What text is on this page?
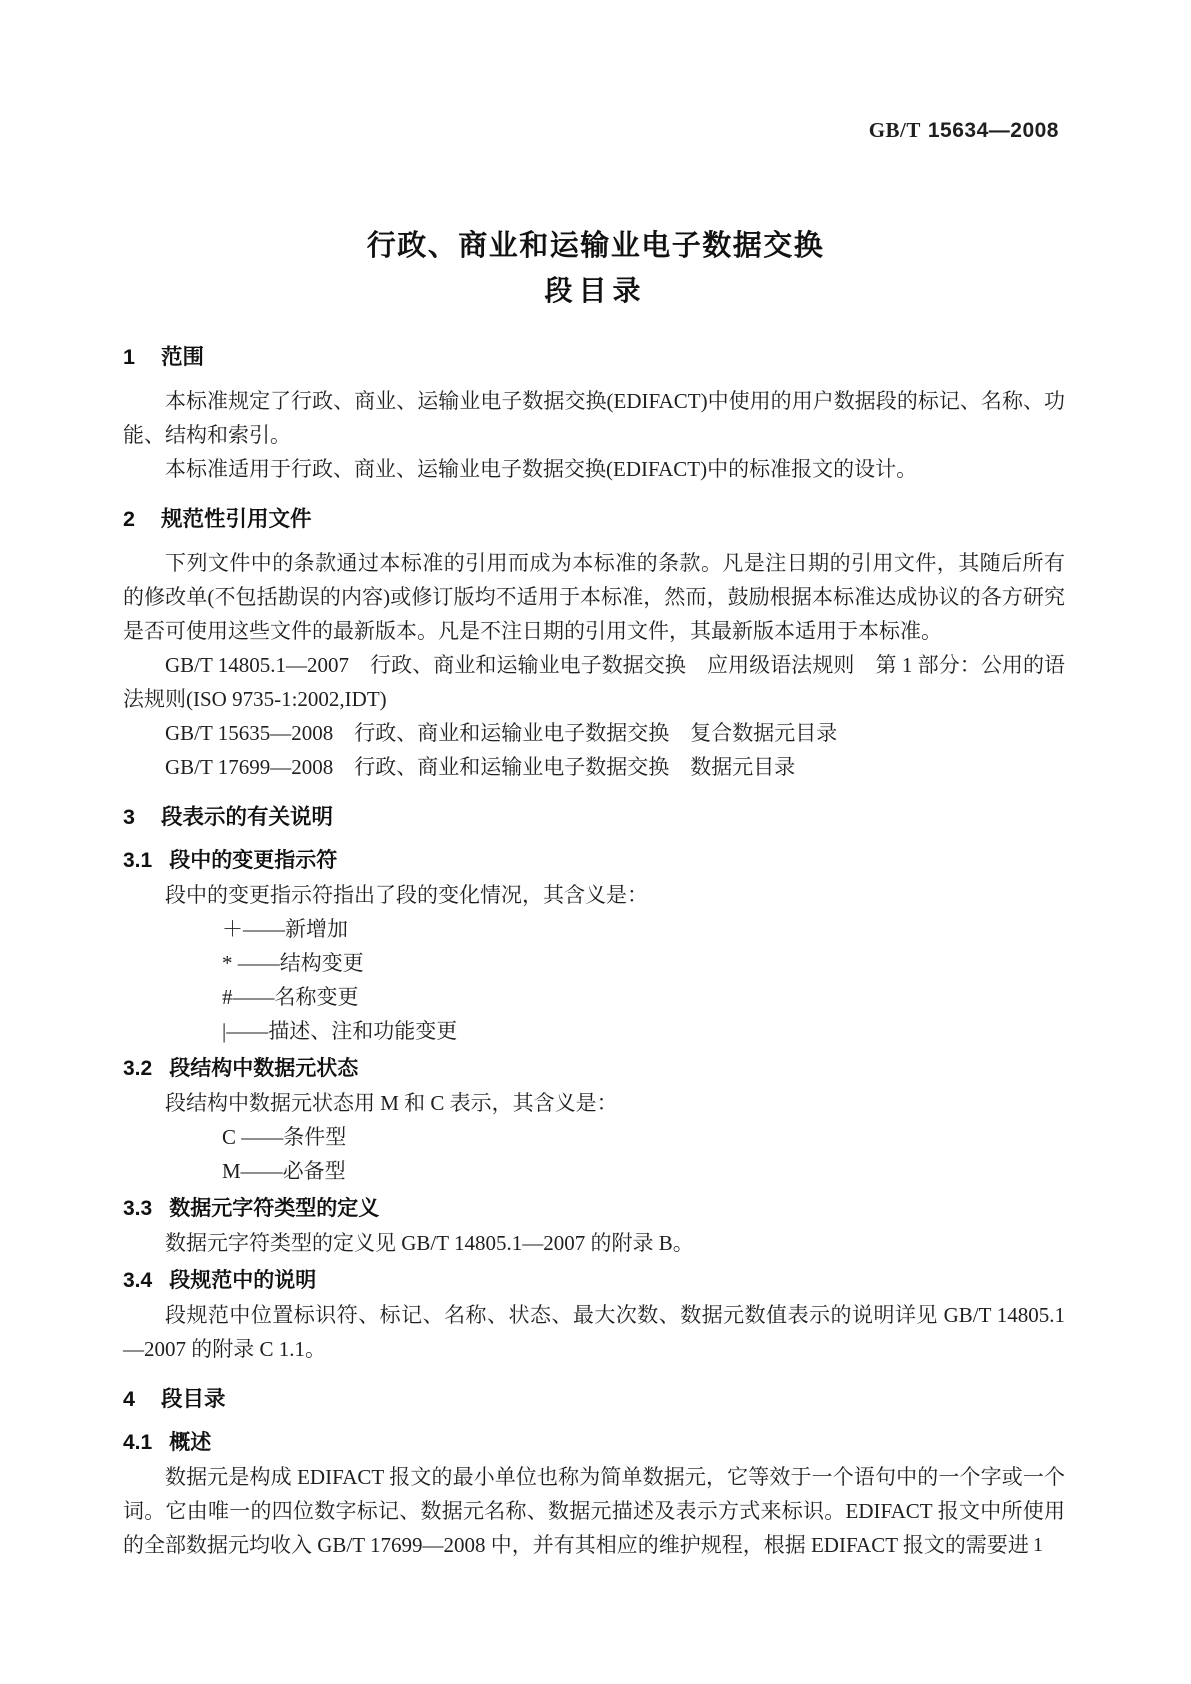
GB/T 15634—2008
行政、商业和运输业电子数据交换
段目录
1 范围

本标准规定了行政、商业、运输业电子数据交换(EDIFACT)中使用的用户数据段的标记、名称、功能、结构和索引。

本标准适用于行政、商业、运输业电子数据交换(EDIFACT)中的标准报文的设计。

2 规范性引用文件

下列文件中的条款通过本标准的引用而成为本标准的条款。凡是注日期的引用文件，其随后所有的修改单(不包括勘误的内容)或修订版均不适用于本标准，然而，鼓励根据本标准达成协议的各方研究是否可使用这些文件的最新版本。凡是不注日期的引用文件，其最新版本适用于本标准。

GB/T 14805.1—2007　行政、商业和运输业电子数据交换　应用级语法规则　第 1 部分：公用的语法规则(ISO 9735-1:2002,IDT)

GB/T 15635—2008　行政、商业和运输业电子数据交换　复合数据元目录

GB/T 17699—2008　行政、商业和运输业电子数据交换　数据元目录

3 段表示的有关说明
3.1 段中的变更指示符

段中的变更指示符指出了段的变化情况，其含义是：

＋——新增加
* ——结构变更
#——名称变更
|——描述、注和功能变更
3.2 段结构中数据元状态

段结构中数据元状态用 M 和 C 表示，其含义是：

C ——条件型
M——必备型
3.3 数据元字符类型的定义

数据元字符类型的定义见 GB/T 14805.1—2007 的附录 B。

3.4 段规范中的说明

段规范中位置标识符、标记、名称、状态、最大次数、数据元数值表示的说明详见 GB/T 14805.1—2007 的附录 C 1.1。

4 段目录
4.1 概述

数据元是构成 EDIFACT 报文的最小单位也称为简单数据元，它等效于一个语句中的一个字或一个词。它由唯一的四位数字标记、数据元名称、数据元描述及表示方式来标识。EDIFACT 报文中所使用的全部数据元均收入 GB/T 17699—2008 中，并有其相应的维护规程，根据 EDIFACT 报文的需要进 1
